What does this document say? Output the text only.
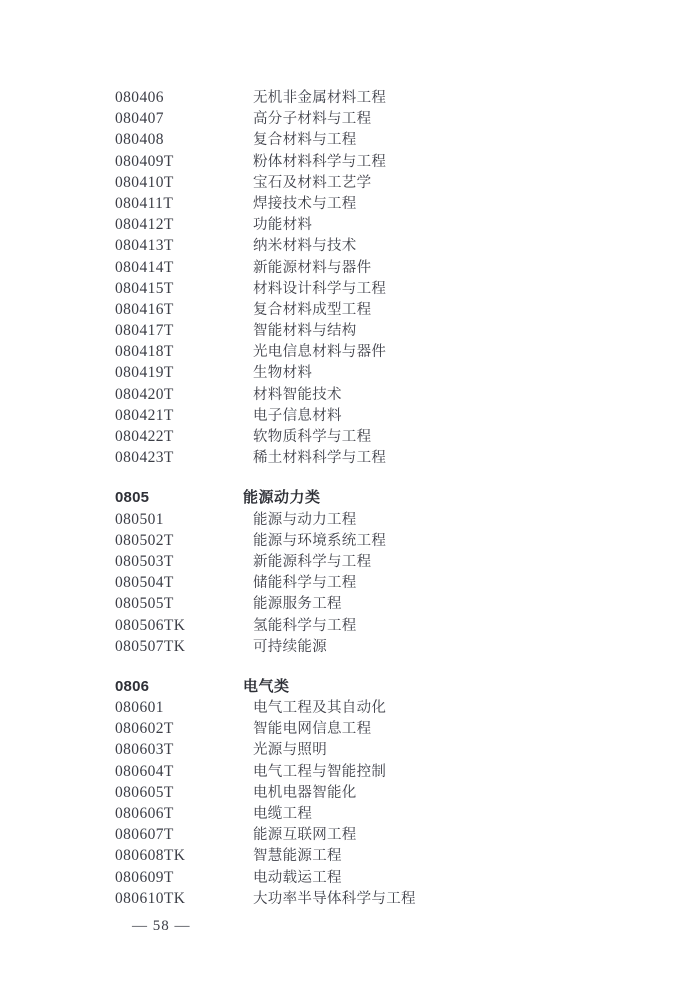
080406	无机非金属材料工程
080407	高分子材料与工程
080408	复合材料与工程
080409T	粉体材料科学与工程
080410T	宝石及材料工艺学
080411T	焊接技术与工程
080412T	功能材料
080413T	纳米材料与技术
080414T	新能源材料与器件
080415T	材料设计科学与工程
080416T	复合材料成型工程
080417T	智能材料与结构
080418T	光电信息材料与器件
080419T	生物材料
080420T	材料智能技术
080421T	电子信息材料
080422T	软物质科学与工程
080423T	稀土材料科学与工程
0805	能源动力类
080501	能源与动力工程
080502T	能源与环境系统工程
080503T	新能源科学与工程
080504T	储能科学与工程
080505T	能源服务工程
080506TK	氢能科学与工程
080507TK	可持续能源
0806	电气类
080601	电气工程及其自动化
080602T	智能电网信息工程
080603T	光源与照明
080604T	电气工程与智能控制
080605T	电机电器智能化
080606T	电缆工程
080607T	能源互联网工程
080608TK	智慧能源工程
080609T	电动载运工程
080610TK	大功率半导体科学与工程
— 58 —
